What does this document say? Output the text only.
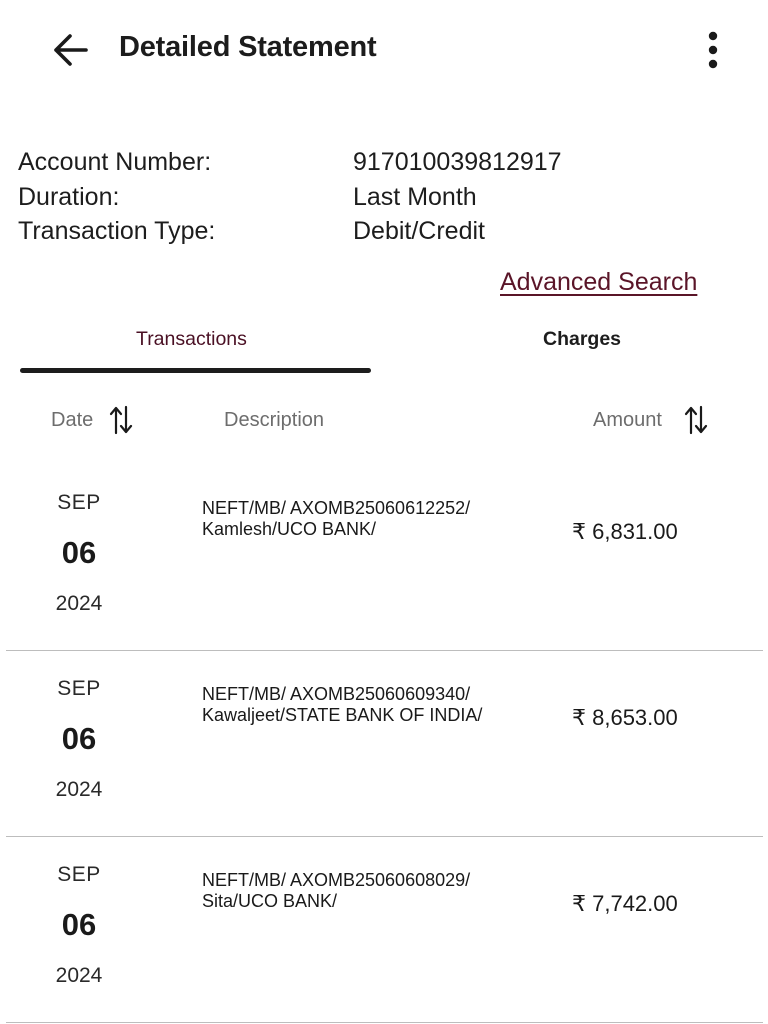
Detailed Statement
Account Number:	917010039812917
Duration:	Last Month
Transaction Type:	Debit/Credit
Advanced Search
Transactions	Charges
Date	Description	Amount
SEP
06
2024
NEFT/MB/ AXOMB25060612252/ Kamlesh/UCO BANK/	₹ 6,831.00
SEP
06
2024
NEFT/MB/ AXOMB25060609340/ Kawaljeet/STATE BANK OF INDIA/	₹ 8,653.00
SEP
06
2024
NEFT/MB/ AXOMB25060608029/ Sita/UCO BANK/	₹ 7,742.00
